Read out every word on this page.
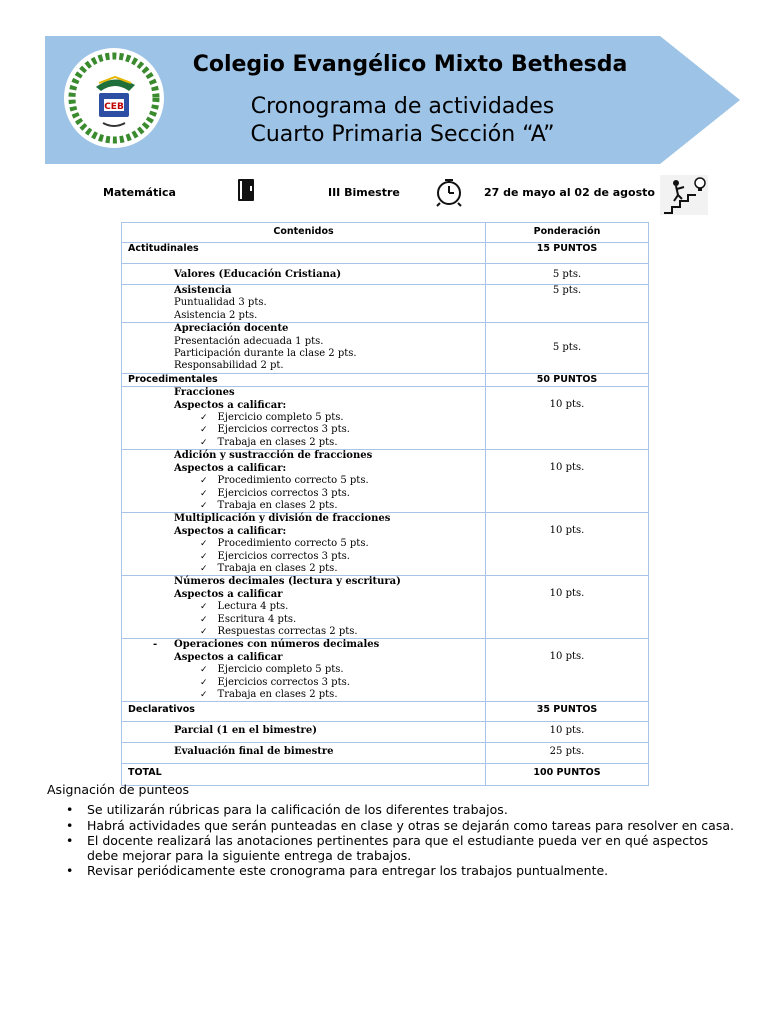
CEB
Colegio Evangélico Mixto Bethesda
Cronograma de actividades
Cuarto Primaria Sección “A”
Matemática	III Bimestre	27 de mayo al 02 de agosto
Contenidos	Ponderación
Actitudinales	15 PUNTOS

Valores (Educación Cristiana)	5 pts.

Asistencia
Puntualidad 3 pts.
Asistencia 2 pts.	5 pts.

Apreciación docente
Presentación adecuada 1 pts.
Participación durante la clase 2 pts.
Responsabilidad 2 pt.	5 pts.
Procedimentales	50 PUNTOS

Fracciones
Aspectos a calificar:
✓ Ejercicio completo 5 pts.
✓ Ejercicios correctos 3 pts.
✓ Trabaja en clases 2 pts.	10 pts.

Adición y sustracción de fracciones
Aspectos a calificar:
✓ Procedimiento correcto 5 pts.
✓ Ejercicios correctos 3 pts.
✓ Trabaja en clases 2 pts.	10 pts.

Multiplicación y división de fracciones
Aspectos a calificar:
✓ Procedimiento correcto 5 pts.
✓ Ejercicios correctos 3 pts.
✓ Trabaja en clases 2 pts.	10 pts.

Números decimales (lectura y escritura)
Aspectos a calificar
✓ Lectura 4 pts.
✓ Escritura 4 pts.
✓ Respuestas correctas 2 pts.	10 pts.

- Operaciones con números decimales
Aspectos a calificar
✓ Ejercicio completo 5 pts.
✓ Ejercicios correctos 3 pts.
✓ Trabaja en clases 2 pts.	10 pts.
Declarativos	35 PUNTOS

Parcial (1 en el bimestre)	10 pts.

Evaluación final de bimestre	25 pts.
TOTAL	100 PUNTOS
Asignación de punteos
• Se utilizarán rúbricas para la calificación de los diferentes trabajos.
• Habrá actividades que serán punteadas en clase y otras se dejarán como tareas para resolver en casa.
• El docente realizará las anotaciones pertinentes para que el estudiante pueda ver en qué aspectos debe mejorar para la siguiente entrega de trabajos.
• Revisar periódicamente este cronograma para entregar los trabajos puntualmente.
